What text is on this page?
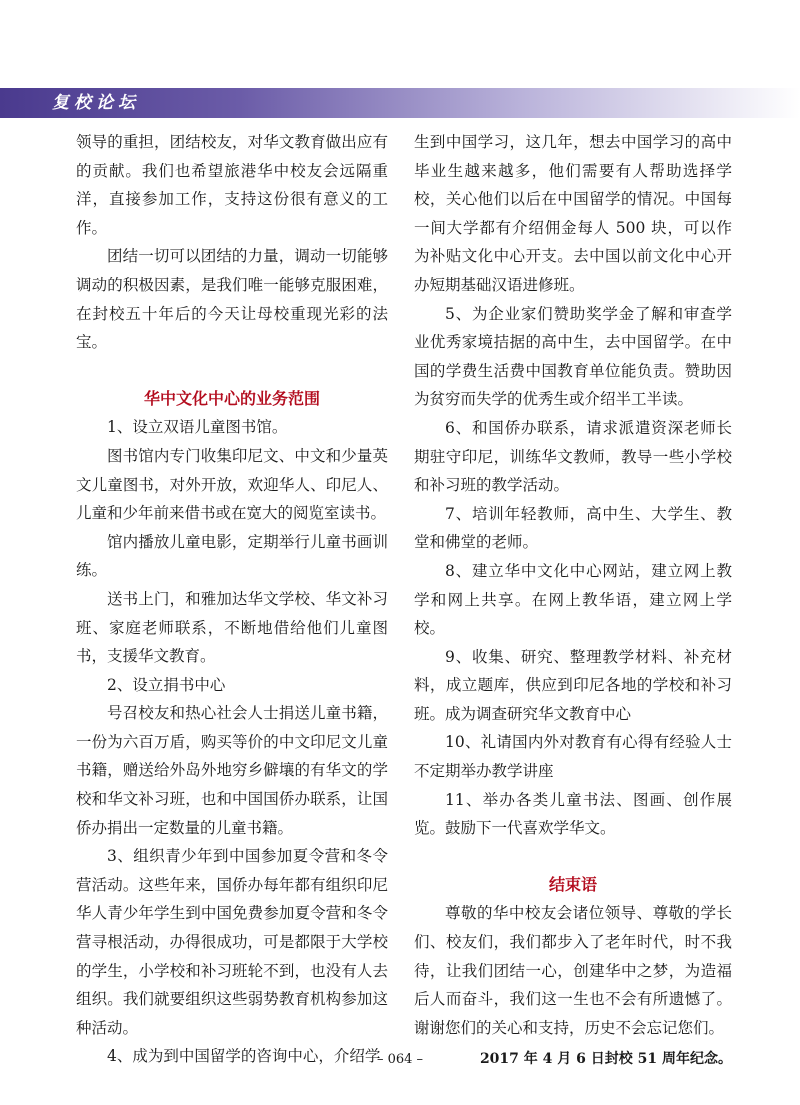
复校论坛

领导的重担，团结校友，对华文教育做出应有的贡献。我们也希望旅港华中校友会远隔重洋，直接参加工作，支持这份很有意义的工作。

团结一切可以团结的力量，调动一切能够调动的积极因素，是我们唯一能够克服困难，在封校五十年后的今天让母校重现光彩的法宝。

华中文化中心的业务范围

1、设立双语儿童图书馆。

图书馆内专门收集印尼文、中文和少量英文儿童图书，对外开放，欢迎华人、印尼人、儿童和少年前来借书或在宽大的阅览室读书。

馆内播放儿童电影，定期举行儿童书画训练。

送书上门，和雅加达华文学校、华文补习班、家庭老师联系，不断地借给他们儿童图书，支援华文教育。

2、设立捐书中心

号召校友和热心社会人士捐送儿童书籍，一份为六百万盾，购买等价的中文印尼文儿童书籍，赠送给外岛外地穷乡僻壤的有华文的学校和华文补习班，也和中国国侨办联系，让国侨办捐出一定数量的儿童书籍。

3、组织青少年到中国参加夏令营和冬令营活动。这些年来，国侨办每年都有组织印尼华人青少年学生到中国免费参加夏令营和冬令营寻根活动，办得很成功，可是都限于大学校的学生，小学校和补习班轮不到，也没有人去组织。我们就要组织这些弱势教育机构参加这种活动。

4、成为到中国留学的咨询中心，介绍学

生到中国学习，这几年，想去中国学习的高中毕业生越来越多，他们需要有人帮助选择学校，关心他们以后在中国留学的情况。中国每一间大学都有介绍佣金每人 500 块，可以作为补贴文化中心开支。去中国以前文化中心开办短期基础汉语进修班。

5、为企业家们赞助奖学金了解和审查学业优秀家境拮据的高中生，去中国留学。在中国的学费生活费中国教育单位能负责。赞助因为贫穷而失学的优秀生或介绍半工半读。

6、和国侨办联系，请求派遣资深老师长期驻守印尼，训练华文教师，教导一些小学校和补习班的教学活动。

7、培训年轻教师，高中生、大学生、教堂和佛堂的老师。

8、建立华中文化中心网站，建立网上教学和网上共享。在网上教华语，建立网上学校。

9、收集、研究、整理教学材料、补充材料，成立题库，供应到印尼各地的学校和补习班。成为调查研究华文教育中心

10、礼请国内外对教育有心得有经验人士不定期举办教学讲座

11、举办各类儿童书法、图画、创作展览。鼓励下一代喜欢学华文。

结束语

尊敬的华中校友会诸位领导、尊敬的学长们、校友们，我们都步入了老年时代，时不我待，让我们团结一心，创建华中之梦，为造福后人而奋斗，我们这一生也不会有所遗憾了。谢谢您们的关心和支持，历史不会忘记您们。

2017 年 4 月 6 日封校 51 周年纪念。

– 064 –
